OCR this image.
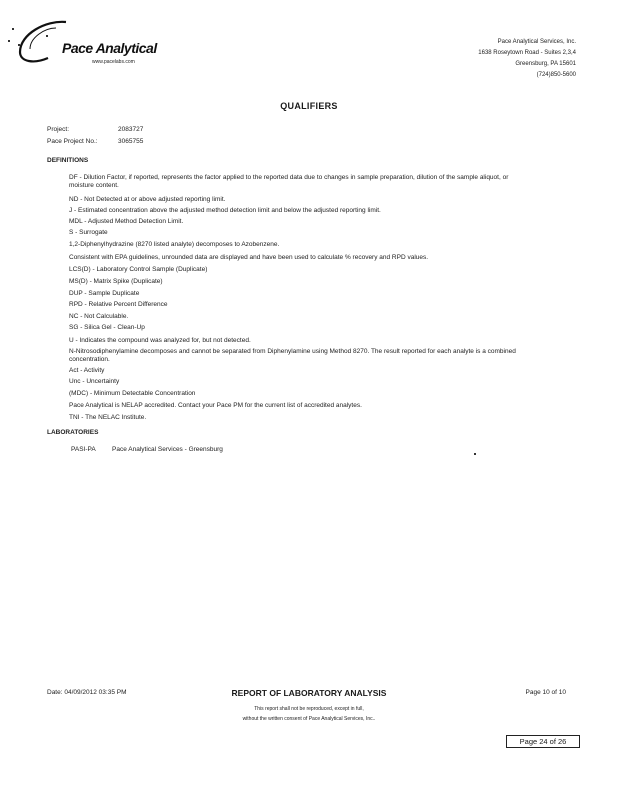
Pace Analytical
www.pacelabs.com
Pace Analytical Services, Inc.
1638 Roseytown Road - Suites 2,3,4
Greensburg, PA 15601
(724)850-5600
QUALIFIERS
Project:	2083727
Pace Project No.:	3065755
DEFINITIONS
DF - Dilution Factor, if reported, represents the factor applied to the reported data due to changes in sample preparation, dilution of the sample aliquot, or moisture content.
ND - Not Detected at or above adjusted reporting limit.
J - Estimated concentration above the adjusted method detection limit and below the adjusted reporting limit.
MDL - Adjusted Method Detection Limit.
S - Surrogate
1,2-Diphenylhydrazine (8270 listed analyte) decomposes to Azobenzene.
Consistent with EPA guidelines, unrounded data are displayed and have been used to calculate % recovery and RPD values.
LCS(D) - Laboratory Control Sample (Duplicate)
MS(D) - Matrix Spike (Duplicate)
DUP - Sample Duplicate
RPD - Relative Percent Difference
NC - Not Calculable.
SG - Silica Gel - Clean-Up
U - Indicates the compound was analyzed for, but not detected.
N-Nitrosodiphenylamine decomposes and cannot be separated from Diphenylamine using Method 8270. The result reported for each analyte is a combined concentration.
Act - Activity
Unc - Uncertainty
(MDC) - Minimum Detectable Concentration
Pace Analytical is NELAP accredited. Contact your Pace PM for the current list of accredited analytes.
TNI - The NELAC Institute.
LABORATORIES
PASI-PA	Pace Analytical Services - Greensburg
Date: 04/09/2012 03:35 PM	REPORT OF LABORATORY ANALYSIS	Page 10 of 10
This report shall not be reproduced, except in full,
without the written consent of Pace Analytical Services, Inc..
Page 24 of 26
